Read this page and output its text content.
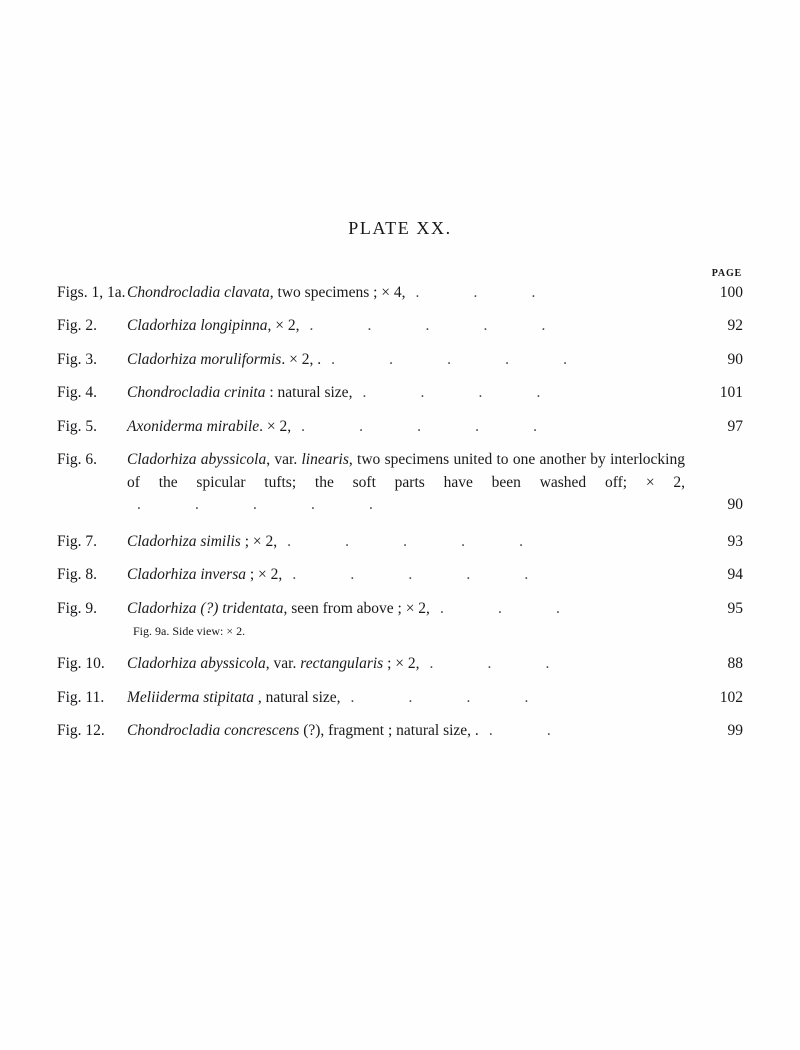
PLATE XX.
PAGE
Figs. 1, 1a. Chondrocladia clavata, two specimens ; × 4, .	.	.	100
Fig. 2.	Cladorhiza longipinna, × 2, .	.	.	.	.	92
Fig. 3.	Cladorhiza moruliformis. × 2, . .	.	.	.	.	90
Fig. 4.	Chondrocladia crinita : natural size, .	.	.	.	101
Fig. 5.	Axoniderma mirabile. × 2, .	.	.	.	.	97
Fig. 6.	Cladorhiza abyssicola, var. linearis, two specimens united to one another by interlocking of the spicular tufts; the soft parts have been washed off; × 2,.	.	.	.	.	90
Fig. 7.	Cladorhiza similis ; × 2, .	.	.	.	.	93
Fig. 8.	Cladorhiza inversa ; × 2, .	.	.	.	.	94
Fig. 9.	Cladorhiza (?) tridentata, seen from above ; × 2, .	.	.	95
Fig. 9a. Side view: × 2.
Fig. 10.	Cladorhiza abyssicola, var. rectangularis ; × 2, .	.	.	88
Fig. 11.	Meliiderma stipitata , natural size, .	.	.	.	102
Fig. 12.	Chondrocladia concrescens (?), fragment ; natural size, . .	.	99
